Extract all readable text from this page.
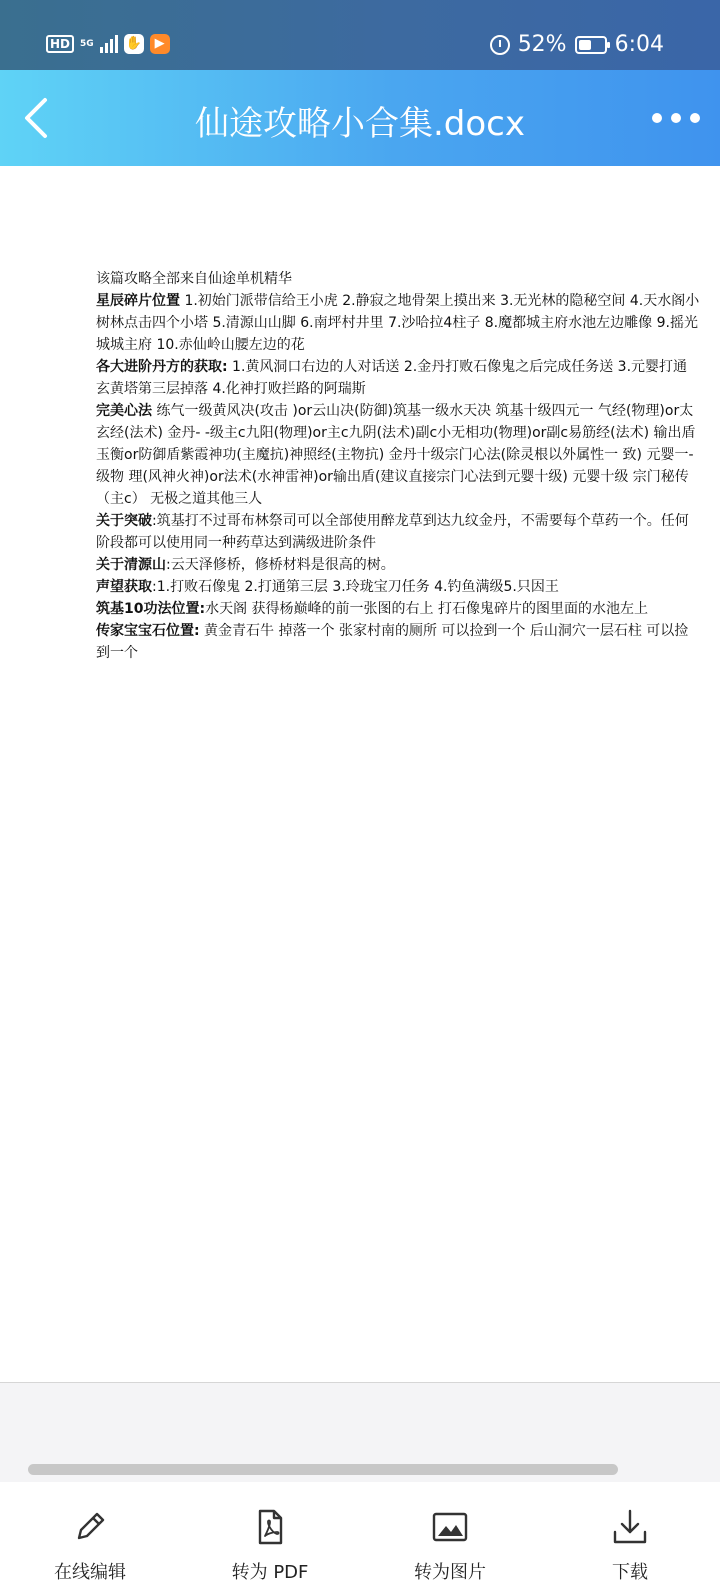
HD	5G ✋ ▶	52% 6:04
仙途攻略小合集.docx

该篇攻略全部来自仙途单机精华

星辰碎片位置 1.初始门派带信给王小虎 2.静寂之地骨架上摸出来 3.无光林的隐秘空间 4.天水阁小树林点击四个小塔 5.清源山山脚 6.南坪村井里 7.沙哈拉4柱子 8.魔都城主府水池左边雕像 9.摇光城城主府 10.赤仙岭山腰左边的花

各大进阶丹方的获取: 1.黄风洞口右边的人对话送 2.金丹打败石像鬼之后完成任务送 3.元婴打通玄黄塔第三层掉落 4.化神打败拦路的阿瑞斯

完美心法 练气一级黄风决(攻击 )or云山决(防御)筑基一级水天决 筑基十级四元一 气经(物理)or太玄经(法术) 金丹- -级主c九阳(物理)or主c九阴(法术)副c小无相功(物理)or副c易筋经(法术) 输出盾玉衡or防御盾紫霞神功(主魔抗)神照经(主物抗) 金丹十级宗门心法(除灵根以外属性一 致) 元婴一-级物 理(风神火神)or法术(水神雷神)or输出盾(建议直接宗门心法到元婴十级) 元婴十级 宗门秘传（主c） 无极之道其他三人

关于突破:筑基打不过哥布林祭司可以全部使用醉龙草到达九纹金丹，不需要每个草药一个。任何阶段都可以使用同一种药草达到满级进阶条件

关于清源山:云天泽修桥，修桥材料是很高的树。

声望获取:1.打败石像鬼 2.打通第三层 3.玲珑宝刀任务 4.钓鱼满级5.只因王

筑基10功法位置:水天阁 获得杨巅峰的前一张图的右上 打石像鬼碎片的图里面的水池左上

传家宝宝石位置: 黄金青石牛 掉落一个 张家村南的厕所 可以捡到一个 后山洞穴一层石柱 可以捡到一个

在线编辑	转为 PDF	转为图片	下载
